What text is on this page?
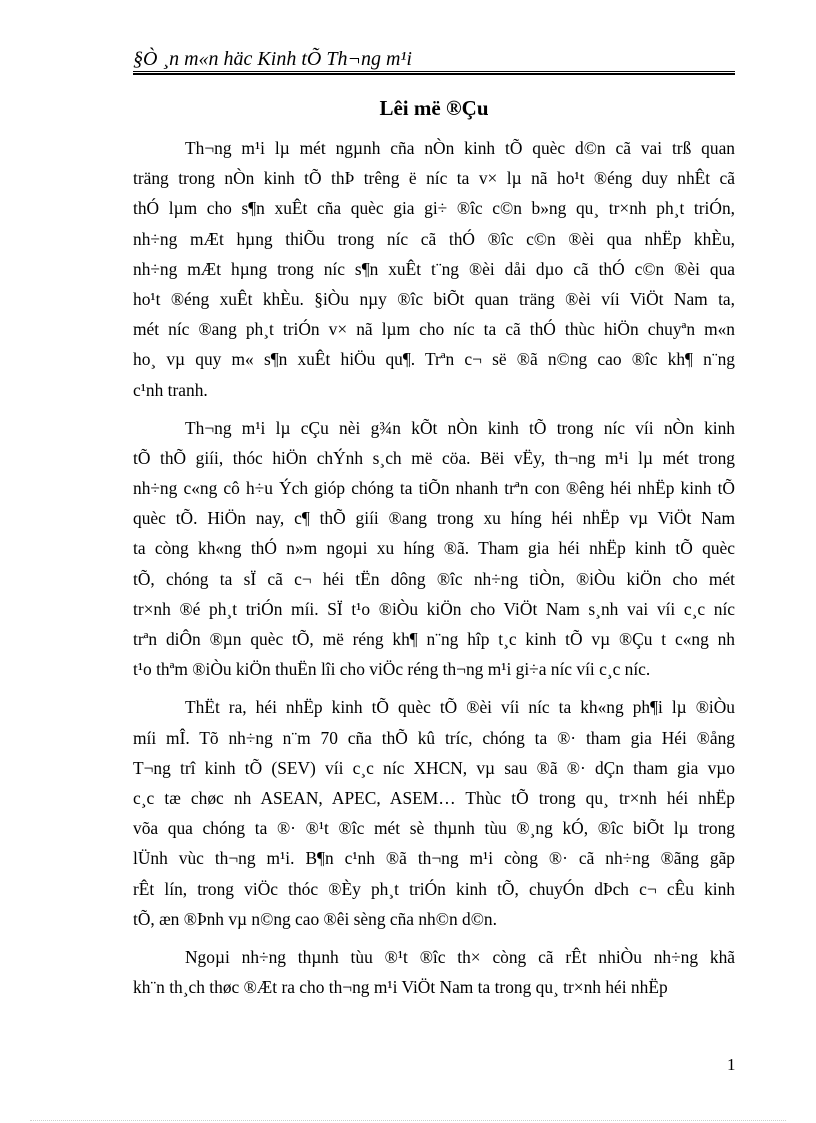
§Ò ¸n m«n häc Kinh tÕ Th¬ng m¹i
Lêi më ®Çu
Th¬ng m¹i lµ mét ngµnh cña nÒn kinh tÕ quèc d©n cã vai trß quan
träng trong nÒn kinh tÕ thÞ trêng ë níc ta v× lµ nã ho¹t ®éng duy nhÊt cã
thÓ lµm cho s¶n xuÊt cña quèc gia gi÷ ®îc c©n b»ng qu¸ tr×nh ph¸t triÓn,
nh÷ng mÆt hµng thiÕu trong níc cã thÓ ®îc c©n ®èi qua nhËp khÈu,
nh÷ng mÆt hµng trong níc s¶n xuÊt t¨ng ®èi dåi dµo cã thÓ c©n ®èi qua
ho¹t ®éng xuÊt khÈu. §iÒu nµy ®îc biÕt quan träng ®èi víi ViÖt Nam ta,
mét níc ®ang ph¸t triÓn v× nã lµm cho níc ta cã thÓ thùc hiÖn chuyªn m«n
ho¸ vµ quy m« s¶n xuÊt hiÖu qu¶. Trªn c¬ së ®ã n©ng cao ®îc kh¶ n¨ng
c¹nh tranh.
Th¬ng m¹i lµ cÇu nèi g¾n kÕt nÒn kinh tÕ trong níc víi nÒn kinh
tÕ thÕ giíi, thóc hiÖn chÝnh s¸ch më cöa. Bëi vËy, th¬ng m¹i lµ mét trong
nh÷ng c«ng cô h÷u Ých gióp chóng ta tiÕn nhanh trªn con ®êng héi nhËp kinh tÕ
quèc tÕ. HiÖn nay, c¶ thÕ giíi ®ang trong xu híng héi nhËp vµ ViÖt Nam
ta còng kh«ng thÓ n»m ngoµi xu híng ®ã. Tham gia héi nhËp kinh tÕ quèc
tÕ, chóng ta sÏ cã c¬ héi tËn dông ®îc nh÷ng tiÒn, ®iÒu kiÖn cho mét
tr×nh ®é ph¸t triÓn míi. SÏ t¹o ®iÒu kiÖn cho ViÖt Nam s¸nh vai víi c¸c níc
trªn diÔn ®µn quèc tÕ, më réng kh¶ n¨ng hîp t¸c kinh tÕ vµ ®Çu t c«ng nh
t¹o thªm ®iÒu kiÖn thuËn lîi cho viÖc réng th¬ng m¹i gi÷a níc víi c¸c níc.
ThËt ra, héi nhËp kinh tÕ quèc tÕ ®èi víi níc ta kh«ng ph¶i lµ ®iÒu
míi mÎ. Tõ nh÷ng n¨m 70 cña thÕ kû tríc, chóng ta ®· tham gia Héi ®ång
T¬ng trî kinh tÕ (SEV) víi c¸c níc XHCN, vµ sau ®ã ®· dÇn tham gia vµo
c¸c tæ chøc nh ASEAN, APEC, ASEM… Thùc tÕ trong qu¸ tr×nh héi nhËp
võa qua chóng ta ®· ®¹t ®îc mét sè thµnh tùu ®¸ng kÓ, ®îc biÕt lµ trong
lÜnh vùc th¬ng m¹i. B¶n c¹nh ®ã th¬ng m¹i còng ®· cã nh÷ng ®ãng gãp
rÊt lín, trong viÖc thóc ®Èy ph¸t triÓn kinh tÕ, chuyÓn dÞch c¬ cÊu kinh
tÕ, æn ®Þnh vµ n©ng cao ®êi sèng cña nh©n d©n.
Ngoµi nh÷ng thµnh tùu ®¹t ®îc th× còng cã rÊt nhiÒu nh÷ng khã
kh¨n th¸ch thøc ®Æt ra cho th¬ng m¹i ViÖt Nam ta trong qu¸ tr×nh héi nhËp
1
